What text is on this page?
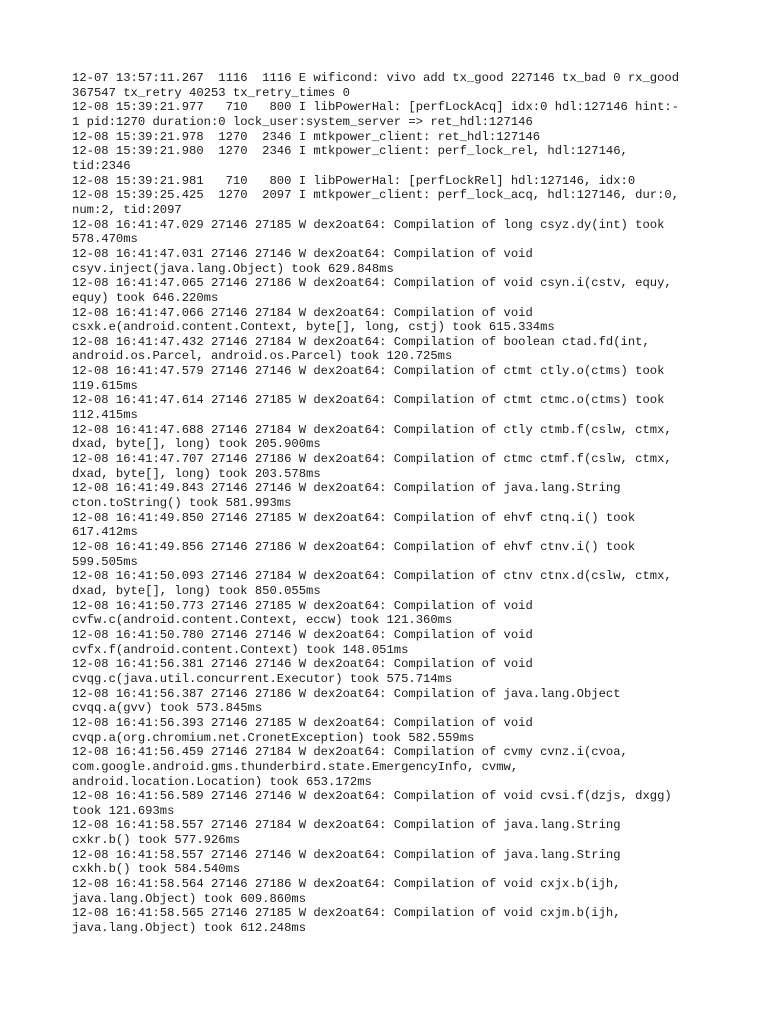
12-07 13:57:11.267  1116  1116 E wificond: vivo add tx_good 227146 tx_bad 0 rx_good
367547 tx_retry 40253 tx_retry_times 0
12-08 15:39:21.977   710   800 I libPowerHal: [perfLockAcq] idx:0 hdl:127146 hint:-
1 pid:1270 duration:0 lock_user:system_server => ret_hdl:127146
12-08 15:39:21.978  1270  2346 I mtkpower_client: ret_hdl:127146
12-08 15:39:21.980  1270  2346 I mtkpower_client: perf_lock_rel, hdl:127146,
tid:2346
12-08 15:39:21.981   710   800 I libPowerHal: [perfLockRel] hdl:127146, idx:0
12-08 15:39:25.425  1270  2097 I mtkpower_client: perf_lock_acq, hdl:127146, dur:0,
num:2, tid:2097
12-08 16:41:47.029 27146 27185 W dex2oat64: Compilation of long csyz.dy(int) took
578.470ms
12-08 16:41:47.031 27146 27146 W dex2oat64: Compilation of void
csyv.inject(java.lang.Object) took 629.848ms
12-08 16:41:47.065 27146 27186 W dex2oat64: Compilation of void csyn.i(cstv, equy,
equy) took 646.220ms
12-08 16:41:47.066 27146 27184 W dex2oat64: Compilation of void
csxk.e(android.content.Context, byte[], long, cstj) took 615.334ms
12-08 16:41:47.432 27146 27184 W dex2oat64: Compilation of boolean ctad.fd(int,
android.os.Parcel, android.os.Parcel) took 120.725ms
12-08 16:41:47.579 27146 27146 W dex2oat64: Compilation of ctmt ctly.o(ctms) took
119.615ms
12-08 16:41:47.614 27146 27185 W dex2oat64: Compilation of ctmt ctmc.o(ctms) took
112.415ms
12-08 16:41:47.688 27146 27184 W dex2oat64: Compilation of ctly ctmb.f(cslw, ctmx,
dxad, byte[], long) took 205.900ms
12-08 16:41:47.707 27146 27186 W dex2oat64: Compilation of ctmc ctmf.f(cslw, ctmx,
dxad, byte[], long) took 203.578ms
12-08 16:41:49.843 27146 27146 W dex2oat64: Compilation of java.lang.String
cton.toString() took 581.993ms
12-08 16:41:49.850 27146 27185 W dex2oat64: Compilation of ehvf ctnq.i() took
617.412ms
12-08 16:41:49.856 27146 27186 W dex2oat64: Compilation of ehvf ctnv.i() took
599.505ms
12-08 16:41:50.093 27146 27184 W dex2oat64: Compilation of ctnv ctnx.d(cslw, ctmx,
dxad, byte[], long) took 850.055ms
12-08 16:41:50.773 27146 27185 W dex2oat64: Compilation of void
cvfw.c(android.content.Context, eccw) took 121.360ms
12-08 16:41:50.780 27146 27146 W dex2oat64: Compilation of void
cvfx.f(android.content.Context) took 148.051ms
12-08 16:41:56.381 27146 27146 W dex2oat64: Compilation of void
cvqg.c(java.util.concurrent.Executor) took 575.714ms
12-08 16:41:56.387 27146 27186 W dex2oat64: Compilation of java.lang.Object
cvqq.a(gvv) took 573.845ms
12-08 16:41:56.393 27146 27185 W dex2oat64: Compilation of void
cvqp.a(org.chromium.net.CronetException) took 582.559ms
12-08 16:41:56.459 27146 27184 W dex2oat64: Compilation of cvmy cvnz.i(cvoa,
com.google.android.gms.thunderbird.state.EmergencyInfo, cvmw,
android.location.Location) took 653.172ms
12-08 16:41:56.589 27146 27146 W dex2oat64: Compilation of void cvsi.f(dzjs, dxgg)
took 121.693ms
12-08 16:41:58.557 27146 27184 W dex2oat64: Compilation of java.lang.String
cxkr.b() took 577.926ms
12-08 16:41:58.557 27146 27146 W dex2oat64: Compilation of java.lang.String
cxkh.b() took 584.540ms
12-08 16:41:58.564 27146 27186 W dex2oat64: Compilation of void cxjx.b(ijh,
java.lang.Object) took 609.860ms
12-08 16:41:58.565 27146 27185 W dex2oat64: Compilation of void cxjm.b(ijh,
java.lang.Object) took 612.248ms
